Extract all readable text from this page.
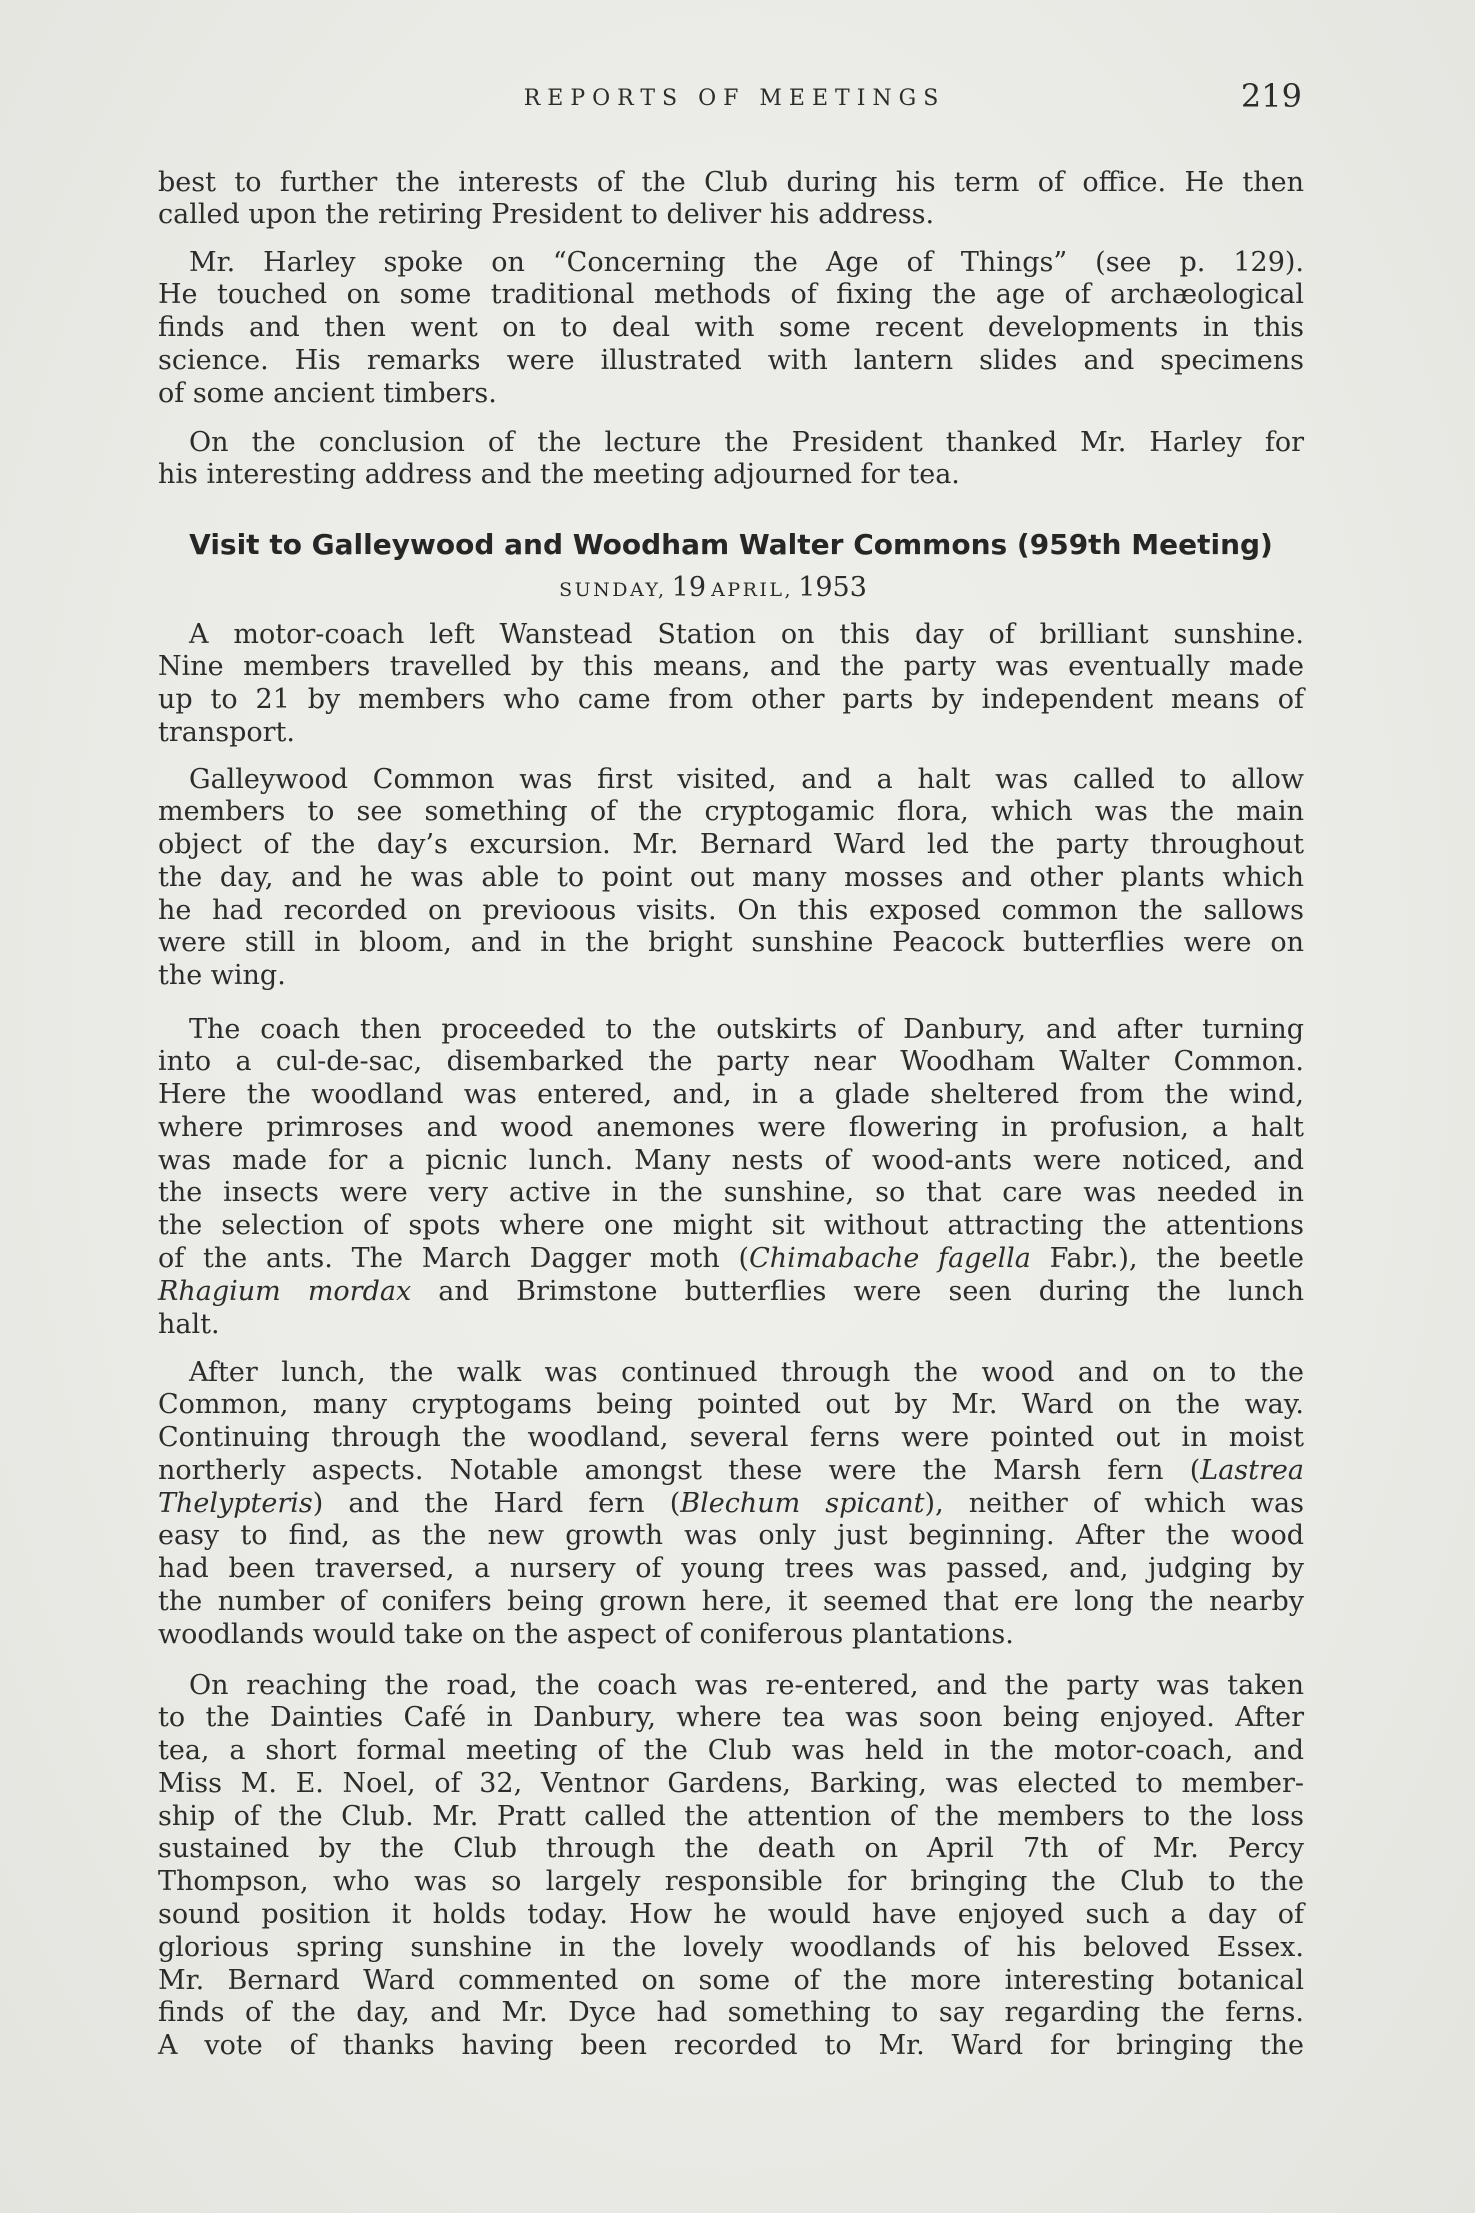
REPORTS OF MEETINGS	219
best to further the interests of the Club during his term of office. He then
called upon the retiring President to deliver his address.
Mr. Harley spoke on “Concerning the Age of Things” (see p. 129).
He touched on some traditional methods of fixing the age of archæological
finds and then went on to deal with some recent developments in this
science. His remarks were illustrated with lantern slides and specimens
of some ancient timbers.
On the conclusion of the lecture the President thanked Mr. Harley for
his interesting address and the meeting adjourned for tea.
Visit to Galleywood and Woodham Walter Commons (959th Meeting)
SUNDAY, 19 APRIL, 1953
A motor-coach left Wanstead Station on this day of brilliant sunshine.
Nine members travelled by this means, and the party was eventually made
up to 21 by members who came from other parts by independent means of
transport.
Galleywood Common was first visited, and a halt was called to allow
members to see something of the cryptogamic flora, which was the main
object of the day’s excursion. Mr. Bernard Ward led the party throughout
the day, and he was able to point out many mosses and other plants which
he had recorded on previoous visits. On this exposed common the sallows
were still in bloom, and in the bright sunshine Peacock butterflies were on
the wing.
The coach then proceeded to the outskirts of Danbury, and after turning
into a cul-de-sac, disembarked the party near Woodham Walter Common.
Here the woodland was entered, and, in a glade sheltered from the wind,
where primroses and wood anemones were flowering in profusion, a halt
was made for a picnic lunch. Many nests of wood-ants were noticed, and
the insects were very active in the sunshine, so that care was needed in
the selection of spots where one might sit without attracting the attentions
of the ants. The March Dagger moth (Chimabache fagella Fabr.), the beetle
Rhagium mordax and Brimstone butterflies were seen during the lunch
halt.
After lunch, the walk was continued through the wood and on to the
Common, many cryptogams being pointed out by Mr. Ward on the way.
Continuing through the woodland, several ferns were pointed out in moist
northerly aspects. Notable amongst these were the Marsh fern (Lastrea
Thelypteris) and the Hard fern (Blechum spicant), neither of which was
easy to find, as the new growth was only just beginning. After the wood
had been traversed, a nursery of young trees was passed, and, judging by
the number of conifers being grown here, it seemed that ere long the nearby
woodlands would take on the aspect of coniferous plantations.
On reaching the road, the coach was re-entered, and the party was taken
to the Dainties Café in Danbury, where tea was soon being enjoyed. After
tea, a short formal meeting of the Club was held in the motor-coach, and
Miss M. E. Noel, of 32, Ventnor Gardens, Barking, was elected to member-
ship of the Club. Mr. Pratt called the attention of the members to the loss
sustained by the Club through the death on April 7th of Mr. Percy
Thompson, who was so largely responsible for bringing the Club to the
sound position it holds today. How he would have enjoyed such a day of
glorious spring sunshine in the lovely woodlands of his beloved Essex.
Mr. Bernard Ward commented on some of the more interesting botanical
finds of the day, and Mr. Dyce had something to say regarding the ferns.
A vote of thanks having been recorded to Mr. Ward for bringing the
